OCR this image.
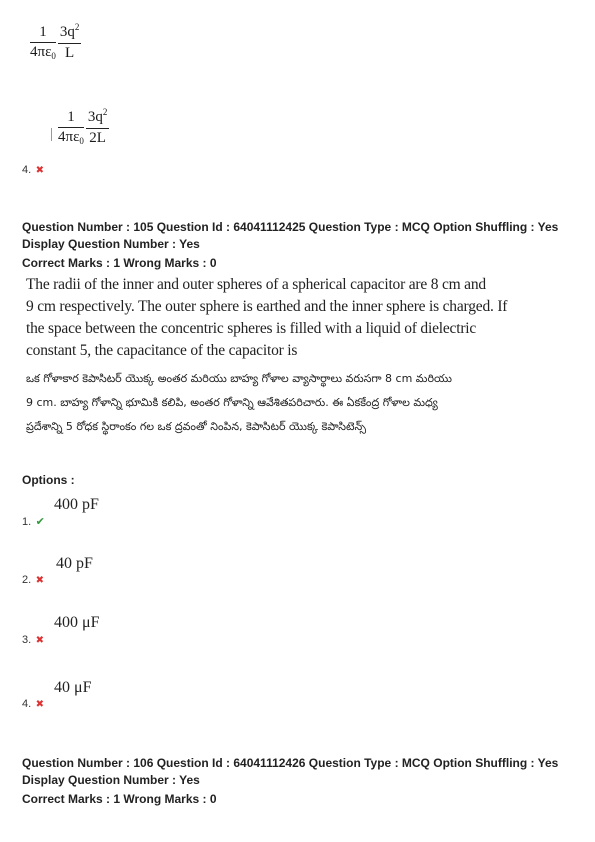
$\frac{1}{4\pi\varepsilon_0} \frac{3q^2}{L}$
$\frac{1}{4\pi\varepsilon_0} \frac{3q^2}{2L}$
4. ✖
Question Number : 105 Question Id : 64041112425 Question Type : MCQ Option Shuffling : Yes
Display Question Number : Yes
Correct Marks : 1 Wrong Marks : 0
The radii of the inner and outer spheres of a spherical capacitor are 8 cm and
9 cm respectively. The outer sphere is earthed and the inner sphere is charged. If
the space between the concentric spheres is filled with a liquid of dielectric
constant 5, the capacitance of the capacitor is
ఒక గోళాకార కెపాసిటర్ యొక్క అంతర మరియు బాహ్య గోళాల వ్యాసార్థాలు వరుసగా 8 cm మరియు
9 cm. బాహ్య గోళాన్ని భూమికి కలిపి, అంతర గోళాన్ని ఆవేశితపరిచారు. ఈ ఏకకేంద్ర గోళాల మధ్య
ప్రదేశాన్ని 5 రోధక స్థిరాంకం గల ఒక ద్రవంతో నింపిన, కెపాసిటర్ యొక్క కెపాసిటెన్స్
Options :
400 pF
1. ✔
40 pF
2. ✖
400 μF
3. ✖
40 μF
4. ✖
Question Number : 106 Question Id : 64041112426 Question Type : MCQ Option Shuffling : Yes
Display Question Number : Yes
Correct Marks : 1 Wrong Marks : 0
